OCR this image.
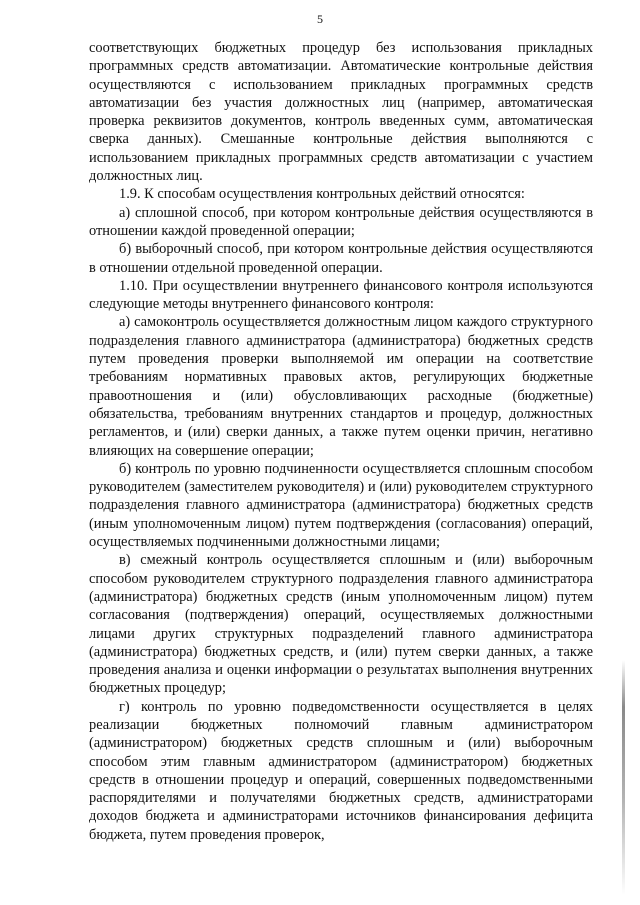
5

соответствующих бюджетных процедур без использования прикладных программных средств автоматизации. Автоматические контрольные действия осуществляются с использованием прикладных программных средств автоматизации без участия должностных лиц (например, автоматическая проверка реквизитов документов, контроль введенных сумм, автоматическая сверка данных). Смешанные контрольные действия выполняются с использованием прикладных программных средств автоматизации с участием должностных лиц.

1.9. К способам осуществления контрольных действий относятся:

а) сплошной способ, при котором контрольные действия осуществляются в отношении каждой проведенной операции;

б) выборочный способ, при котором контрольные действия осуществляются в отношении отдельной проведенной операции.

1.10. При осуществлении внутреннего финансового контроля используются следующие методы внутреннего финансового контроля:

а) самоконтроль осуществляется должностным лицом каждого структурного подразделения главного администратора (администратора) бюджетных средств путем проведения проверки выполняемой им операции на соответствие требованиям нормативных правовых актов, регулирующих бюджетные правоотношения и (или) обусловливающих расходные (бюджетные) обязательства, требованиям внутренних стандартов и процедур, должностных регламентов, и (или) сверки данных, а также путем оценки причин, негативно влияющих на совершение операции;

б) контроль по уровню подчиненности осуществляется сплошным способом руководителем (заместителем руководителя) и (или) руководителем структурного подразделения главного администратора (администратора) бюджетных средств (иным уполномоченным лицом) путем подтверждения (согласования) операций, осуществляемых подчиненными должностными лицами;

в) смежный контроль осуществляется сплошным и (или) выборочным способом руководителем структурного подразделения главного администратора (администратора) бюджетных средств (иным уполномоченным лицом) путем согласования (подтверждения) операций, осуществляемых должностными лицами других структурных подразделений главного администратора (администратора) бюджетных средств, и (или) путем сверки данных, а также проведения анализа и оценки информации о результатах выполнения внутренних бюджетных процедур;

г) контроль по уровню подведомственности осуществляется в целях реализации бюджетных полномочий главным администратором (администратором) бюджетных средств сплошным и (или) выборочным способом этим главным администратором (администратором) бюджетных средств в отношении процедур и операций, совершенных подведомственными распорядителями и получателями бюджетных средств, администраторами доходов бюджета и администраторами источников финансирования дефицита бюджета, путем проведения проверок,
